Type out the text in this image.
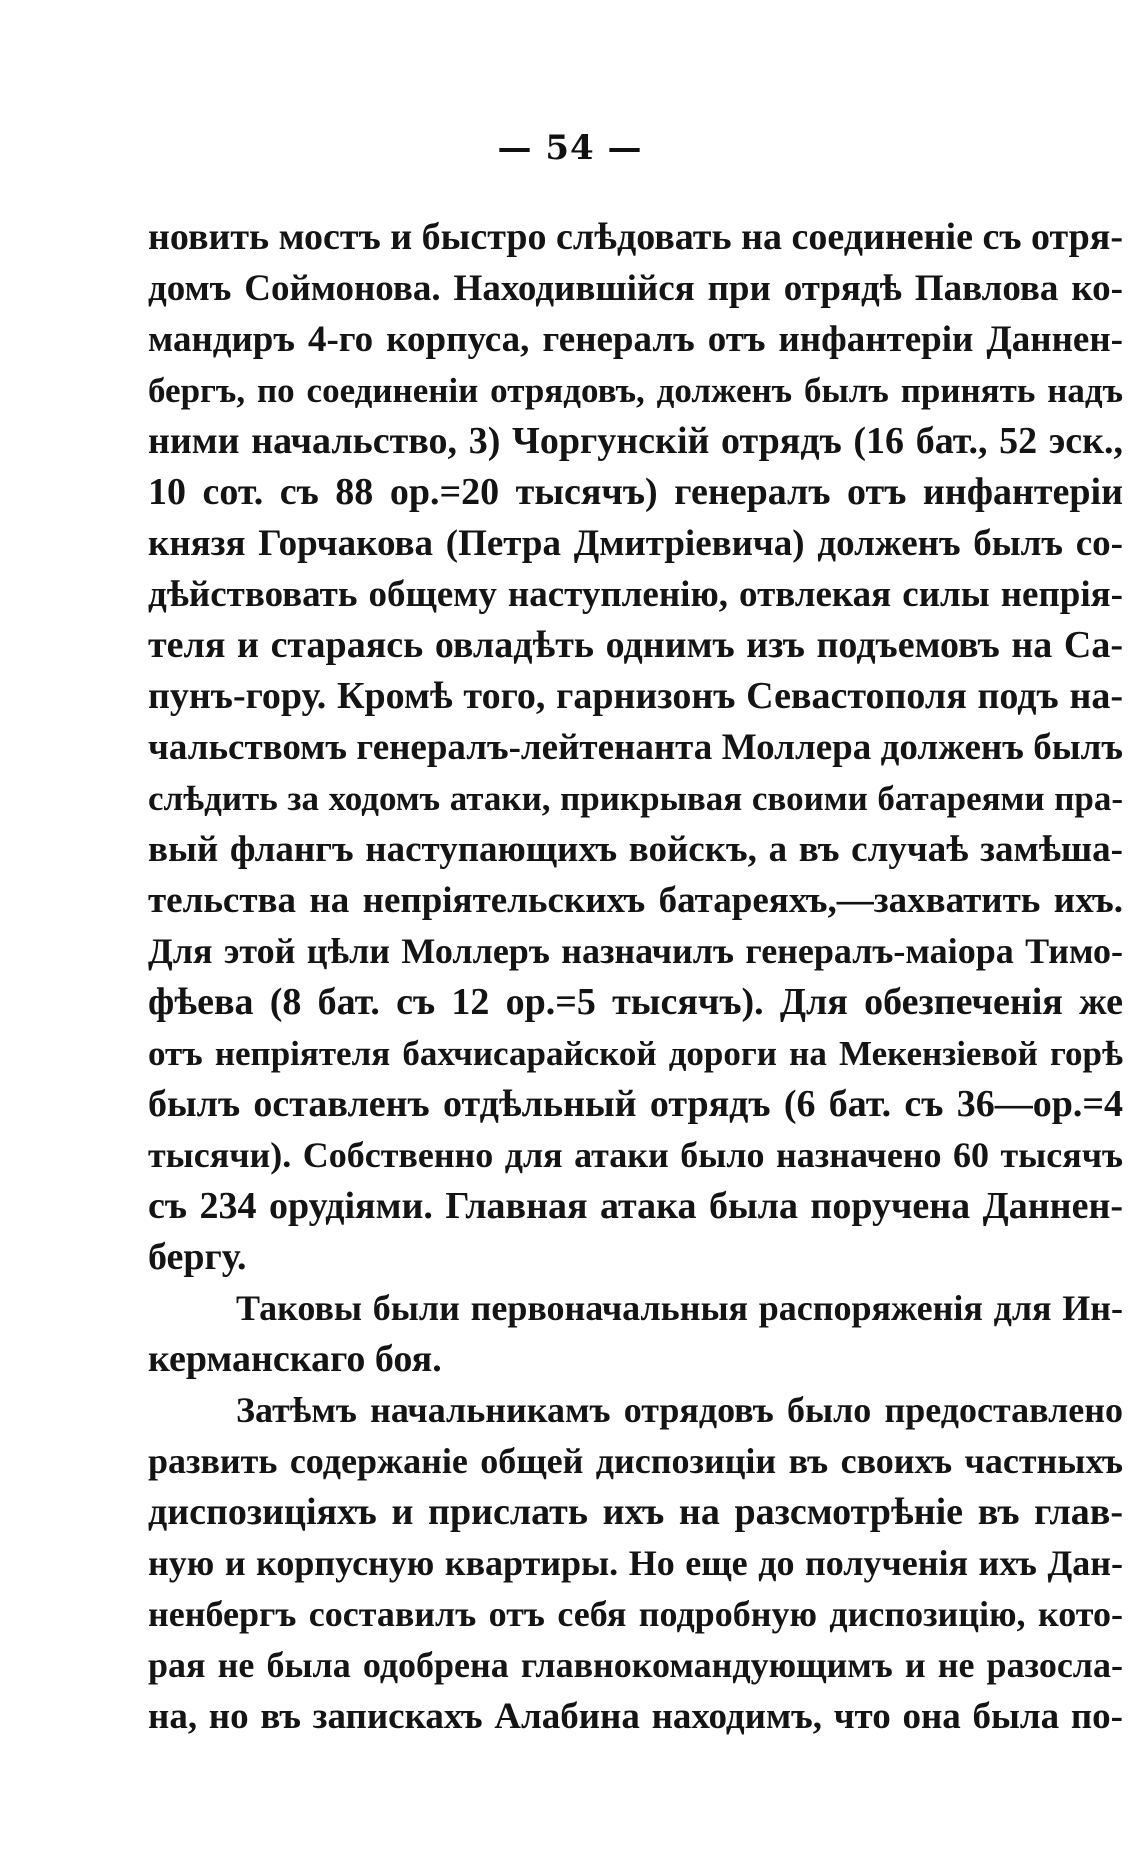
— 54 —
новить мостъ и быстро слѣдовать на соединеніе съ отря-
домъ Соймонова. Находившійся при отрядѣ Павлова ко-
мандиръ 4-го корпуса, генералъ отъ инфантеріи Даннен-
бергъ, по соединеніи отрядовъ, долженъ былъ принять надъ
ними начальство, 3) Чоргунскій отрядъ (16 бат., 52 эск.,
10 сот. съ 88 ор.=20 тысячъ) генералъ отъ инфантеріи
князя Горчакова (Петра Дмитріевича) долженъ былъ со-
дѣйствовать общему наступленію, отвлекая силы непрія-
теля и стараясь овладѣть однимъ изъ подъемовъ на Са-
пунъ-гору. Кромѣ того, гарнизонъ Севастополя подъ на-
чальствомъ генералъ-лейтенанта Моллера долженъ былъ
слѣдить за ходомъ атаки, прикрывая своими батареями пра-
вый флангъ наступающихъ войскъ, а въ случаѣ замѣша-
тельства на непріятельскихъ батареяхъ,—захватить ихъ.
Для этой цѣли Моллеръ назначилъ генералъ-маіора Тимо-
фѣева (8 бат. съ 12 ор.=5 тысячъ). Для обезпеченія же
отъ непріятеля бахчисарайской дороги на Мекензіевой горѣ
былъ оставленъ отдѣльный отрядъ (6 бат. съ 36—ор.=4
тысячи). Собственно для атаки было назначено 60 тысячъ
съ 234 орудіями. Главная атака была поручена Даннен-
бергу.
Таковы были первоначальныя распоряженія для Ин-
керманскаго боя.
Затѣмъ начальникамъ отрядовъ было предоставлено
развить содержаніе общей диспозиціи въ своихъ частныхъ
диспозиціяхъ и прислать ихъ на разсмотрѣніе въ глав-
ную и корпусную квартиры. Но еще до полученія ихъ Дан-
ненбергъ составилъ отъ себя подробную диспозицію, кото-
рая не была одобрена главнокомандующимъ и не разосла-
на, но въ запискахъ Алабина находимъ, что она была по-
